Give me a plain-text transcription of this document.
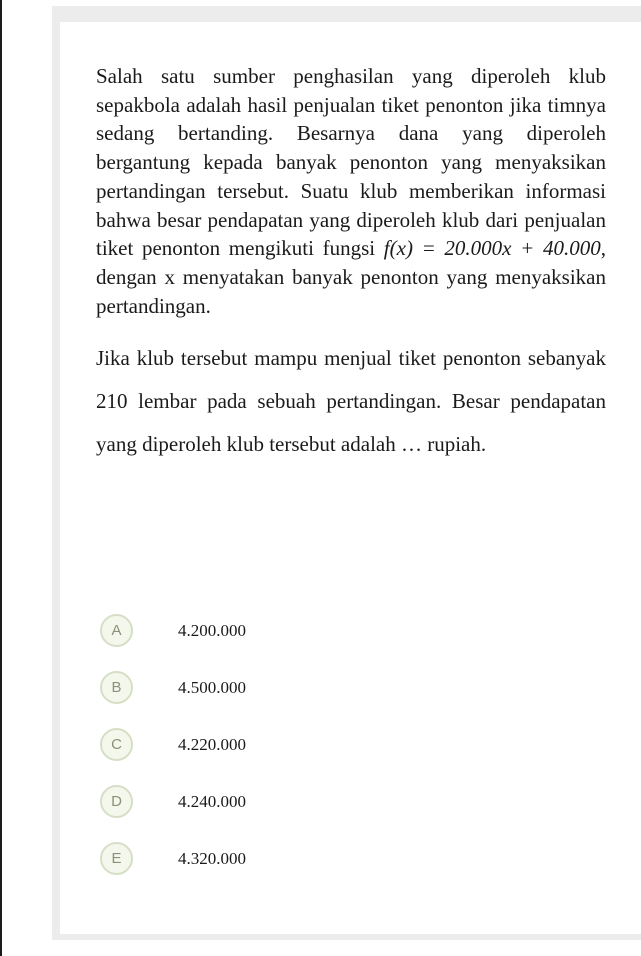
Salah satu sumber penghasilan yang diperoleh klub sepakbola adalah hasil penjualan tiket penonton jika timnya sedang bertanding. Besarnya dana yang diperoleh bergantung kepada banyak penonton yang menyaksikan pertandingan tersebut. Suatu klub memberikan informasi bahwa besar pendapatan yang diperoleh klub dari penjualan tiket penonton mengikuti fungsi f(x) = 20.000x + 40.000, dengan x menyatakan banyak penonton yang menyaksikan pertandingan.

Jika klub tersebut mampu menjual tiket penonton sebanyak 210 lembar pada sebuah pertandingan. Besar pendapatan yang diperoleh klub tersebut adalah … rupiah.

A	4.200.000
B	4.500.000
C	4.220.000
D	4.240.000
E	4.320.000
